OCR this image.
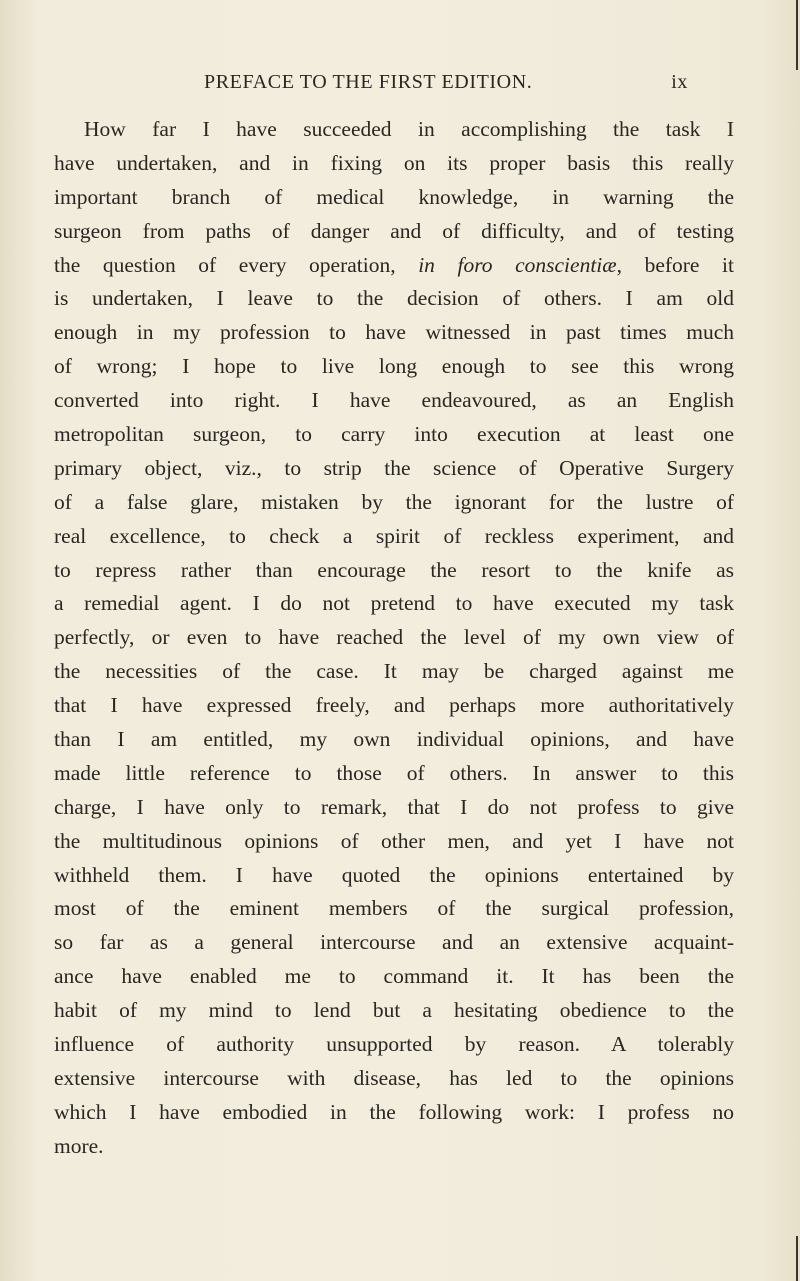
PREFACE TO THE FIRST EDITION.	ix
How far I have succeeded in accomplishing the task I
have undertaken, and in fixing on its proper basis this really
important branch of medical knowledge, in warning the
surgeon from paths of danger and of difficulty, and of testing
the question of every operation, in foro conscientiæ, before it
is undertaken, I leave to the decision of others. I am old
enough in my profession to have witnessed in past times much
of wrong; I hope to live long enough to see this wrong
converted into right. I have endeavoured, as an English
metropolitan surgeon, to carry into execution at least one
primary object, viz., to strip the science of Operative Surgery
of a false glare, mistaken by the ignorant for the lustre of
real excellence, to check a spirit of reckless experiment, and
to repress rather than encourage the resort to the knife as
a remedial agent. I do not pretend to have executed my task
perfectly, or even to have reached the level of my own view of
the necessities of the case. It may be charged against me
that I have expressed freely, and perhaps more authoritatively
than I am entitled, my own individual opinions, and have
made little reference to those of others. In answer to this
charge, I have only to remark, that I do not profess to give
the multitudinous opinions of other men, and yet I have not
withheld them. I have quoted the opinions entertained by
most of the eminent members of the surgical profession,
so far as a general intercourse and an extensive acquaint-
ance have enabled me to command it. It has been the
habit of my mind to lend but a hesitating obedience to the
influence of authority unsupported by reason. A tolerably
extensive intercourse with disease, has led to the opinions
which I have embodied in the following work: I profess no
more.
